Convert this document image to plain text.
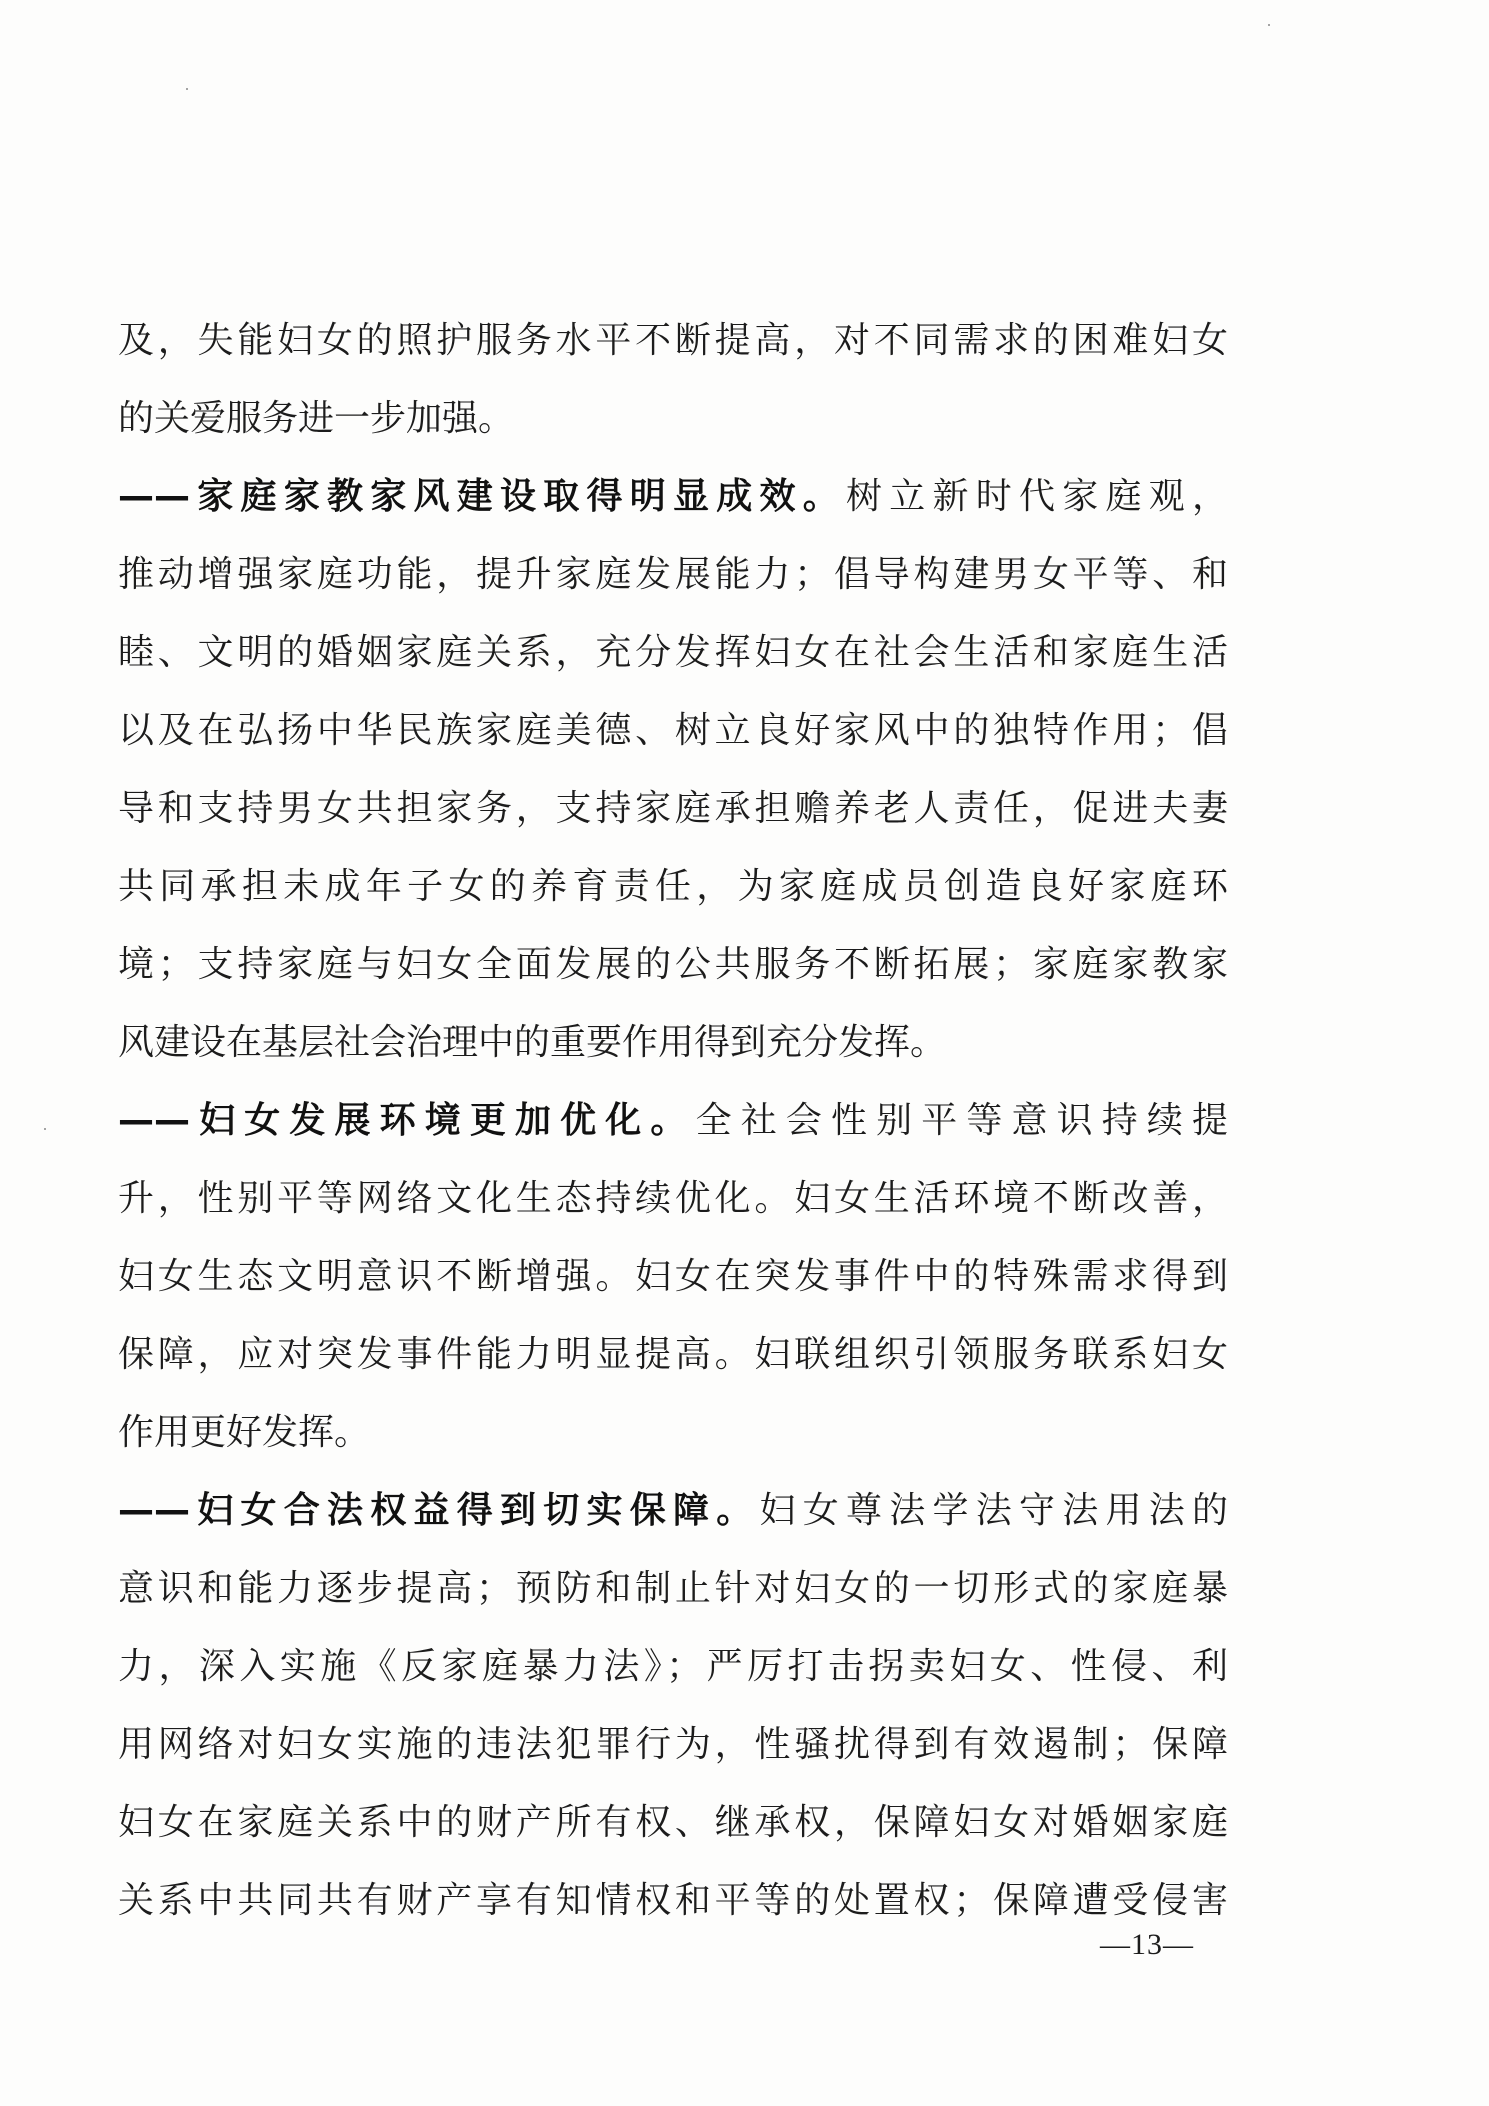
及，失能妇女的照护服务水平不断提高，对不同需求的困难妇女
的关爱服务进一步加强。
——家庭家教家风建设取得明显成效。树立新时代家庭观，
推动增强家庭功能，提升家庭发展能力；倡导构建男女平等、和
睦、文明的婚姻家庭关系，充分发挥妇女在社会生活和家庭生活
以及在弘扬中华民族家庭美德、树立良好家风中的独特作用；倡
导和支持男女共担家务，支持家庭承担赡养老人责任，促进夫妻
共同承担未成年子女的养育责任，为家庭成员创造良好家庭环
境；支持家庭与妇女全面发展的公共服务不断拓展；家庭家教家
风建设在基层社会治理中的重要作用得到充分发挥。
——妇女发展环境更加优化。全社会性别平等意识持续提
升，性别平等网络文化生态持续优化。妇女生活环境不断改善，
妇女生态文明意识不断增强。妇女在突发事件中的特殊需求得到
保障，应对突发事件能力明显提高。妇联组织引领服务联系妇女
作用更好发挥。
——妇女合法权益得到切实保障。妇女尊法学法守法用法的
意识和能力逐步提高；预防和制止针对妇女的一切形式的家庭暴
力，深入实施《反家庭暴力法》；严厉打击拐卖妇女、性侵、利
用网络对妇女实施的违法犯罪行为，性骚扰得到有效遏制；保障
妇女在家庭关系中的财产所有权、继承权，保障妇女对婚姻家庭
关系中共同共有财产享有知情权和平等的处置权；保障遭受侵害
—13—
